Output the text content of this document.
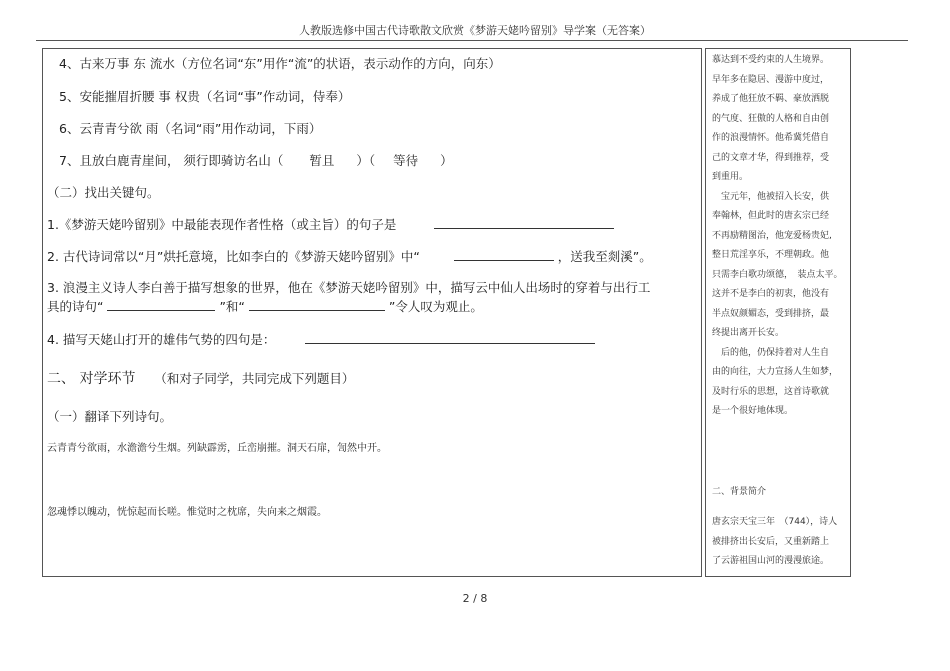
人教版选修中国古代诗歌散文欣赏《梦游天姥吟留别》导学案（无答案）
4、古来万事 东 流水（方位名词“东”用作“流”的状语，表示动作的方向，向东）
5、安能摧眉折腰 事 权贵（名词“事”作动词，侍奉）
6、云青青兮欲 雨（名词“雨”用作动词，下雨）
7、且放白鹿青崖间， 须行即骑访名山（ 暂且 ）（ 等待 ）
（二）找出关键句。
1.《梦游天姥吟留别》中最能表现作者性格（或主旨）的句子是
2. 古代诗词常以“月”烘托意境，比如李白的《梦游天姥吟留别》中“	，送我至剡溪”。
3. 浪漫主义诗人李白善于描写想象的世界，他在《梦游天姥吟留别》中，描写云中仙人出场时的穿着与出行工
具的诗句“	”和“	”令人叹为观止。
4. 描写天姥山打开的雄伟气势的四句是：
二、 对学环节 （和对子同学，共同完成下列题目）
（一）翻译下列诗句。
云青青兮欲雨，水澹澹兮生烟。列缺霹雳，丘峦崩摧。洞天石扉，訇然中开。
忽魂悸以魄动，恍惊起而长嗟。惟觉时之枕席，失向来之烟霞。
慕达到不受约束的人生境界。
早年多在隐居、漫游中度过，
养成了他狂放不羁、豪放洒脱
的气度、狂傲的人格和自由创
作的浪漫情怀。他希冀凭借自
己的文章才华，得到推荐，受
到重用。
　宝元年，他被招入长安，供
奉翰林，但此时的唐玄宗已经
不再励精图治，他宠爱杨贵妃,
整日荒淫享乐，不理朝政。他
只需李白歌功颂德，　装点太平。
这并不是李白的初衷，他没有
半点奴颜媚态，受到排挤，最
终提出离开长安。
　后的他，仍保持着对人生自
由的向往，大力宣扬人生如梦，
及时行乐的思想，这首诗歌就
是一个很好地体现。
二、背景简介
唐玄宗天宝三年　（744），诗人
被排挤出长安后，又重新踏上
了云游祖国山河的漫漫旅途。
2 / 8
